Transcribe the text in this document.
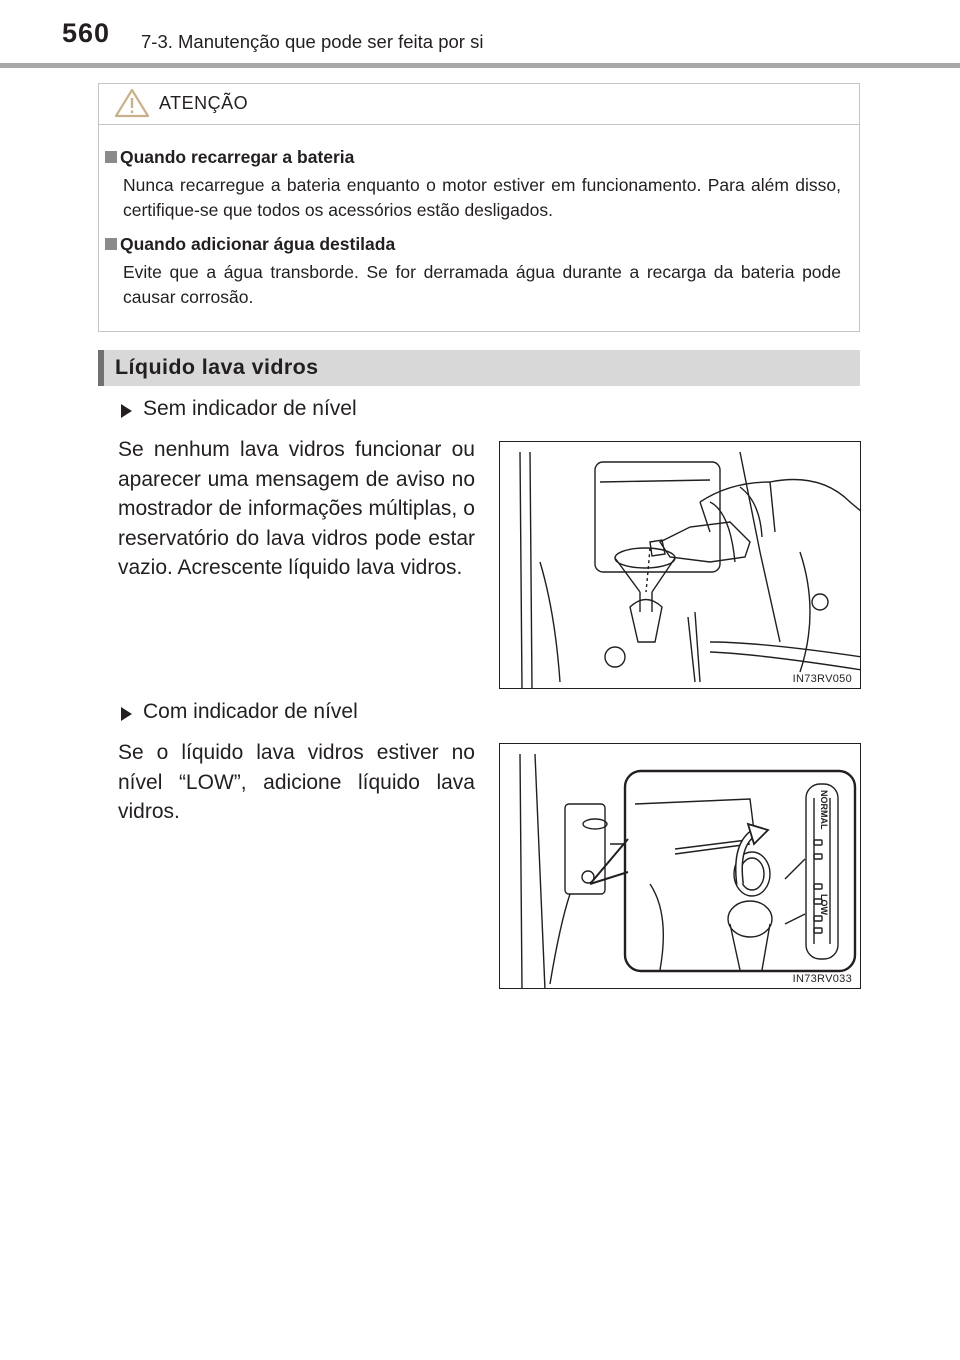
560 7-3. Manutenção que pode ser feita por si
ATENÇÃO
Quando recarregar a bateria
Nunca recarregue a bateria enquanto o motor estiver em funcionamento. Para além disso, certifique-se que todos os acessórios estão desligados.
Quando adicionar água destilada
Evite que a água transborde. Se for derramada água durante a recarga da bateria pode causar corrosão.
Líquido lava vidros
Sem indicador de nível
Se nenhum lava vidros funcionar ou aparecer uma mensagem de aviso no mostrador de informações múltiplas, o reservatório do lava vidros pode estar vazio. Acrescente líquido lava vidros.
IN73RV050
Com indicador de nível
Se o líquido lava vidros estiver no nível “LOW”, adicione líquido lava vidros.	NORMAL
LOW
IN73RV033
